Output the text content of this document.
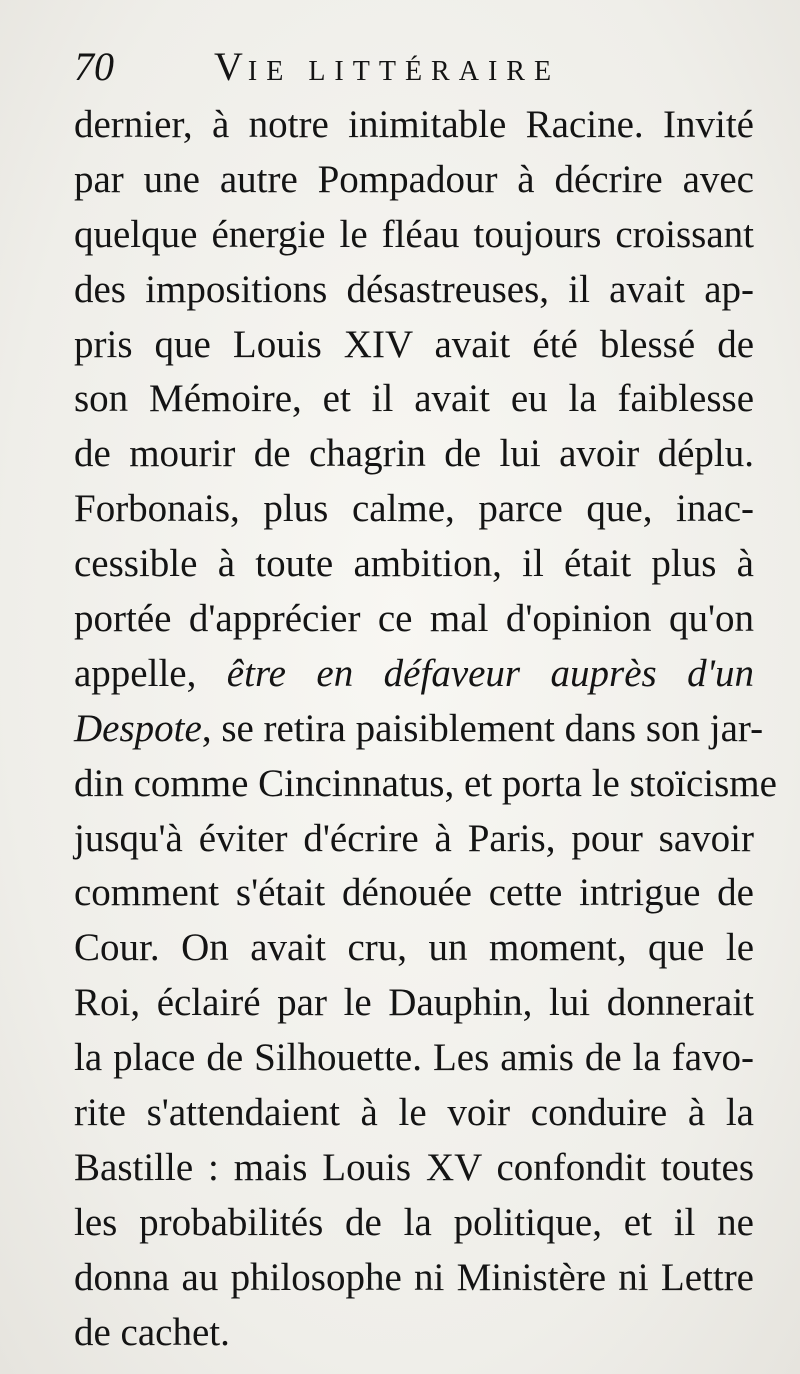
70	VIE LITTÉRAIRE
dernier, à notre inimitable Racine. Invité
par une autre Pompadour à décrire avec
quelque énergie le fléau toujours croissant
des impositions désastreuses, il avait ap-
pris que Louis XIV avait été blessé de
son Mémoire, et il avait eu la faiblesse
de mourir de chagrin de lui avoir déplu.
Forbonais, plus calme, parce que, inac-
cessible à toute ambition, il était plus à
portée d'apprécier ce mal d'opinion qu'on
appelle, être en défaveur auprès d'un
Despote, se retira paisiblement dans son jar-
din comme Cincinnatus, et porta le stoïcisme
jusqu'à éviter d'écrire à Paris, pour savoir
comment s'était dénouée cette intrigue de
Cour. On avait cru, un moment, que le
Roi, éclairé par le Dauphin, lui donnerait
la place de Silhouette. Les amis de la favo-
rite s'attendaient à le voir conduire à la
Bastille : mais Louis XV confondit toutes
les probabilités de la politique, et il ne
donna au philosophe ni Ministère ni Lettre
de cachet.
